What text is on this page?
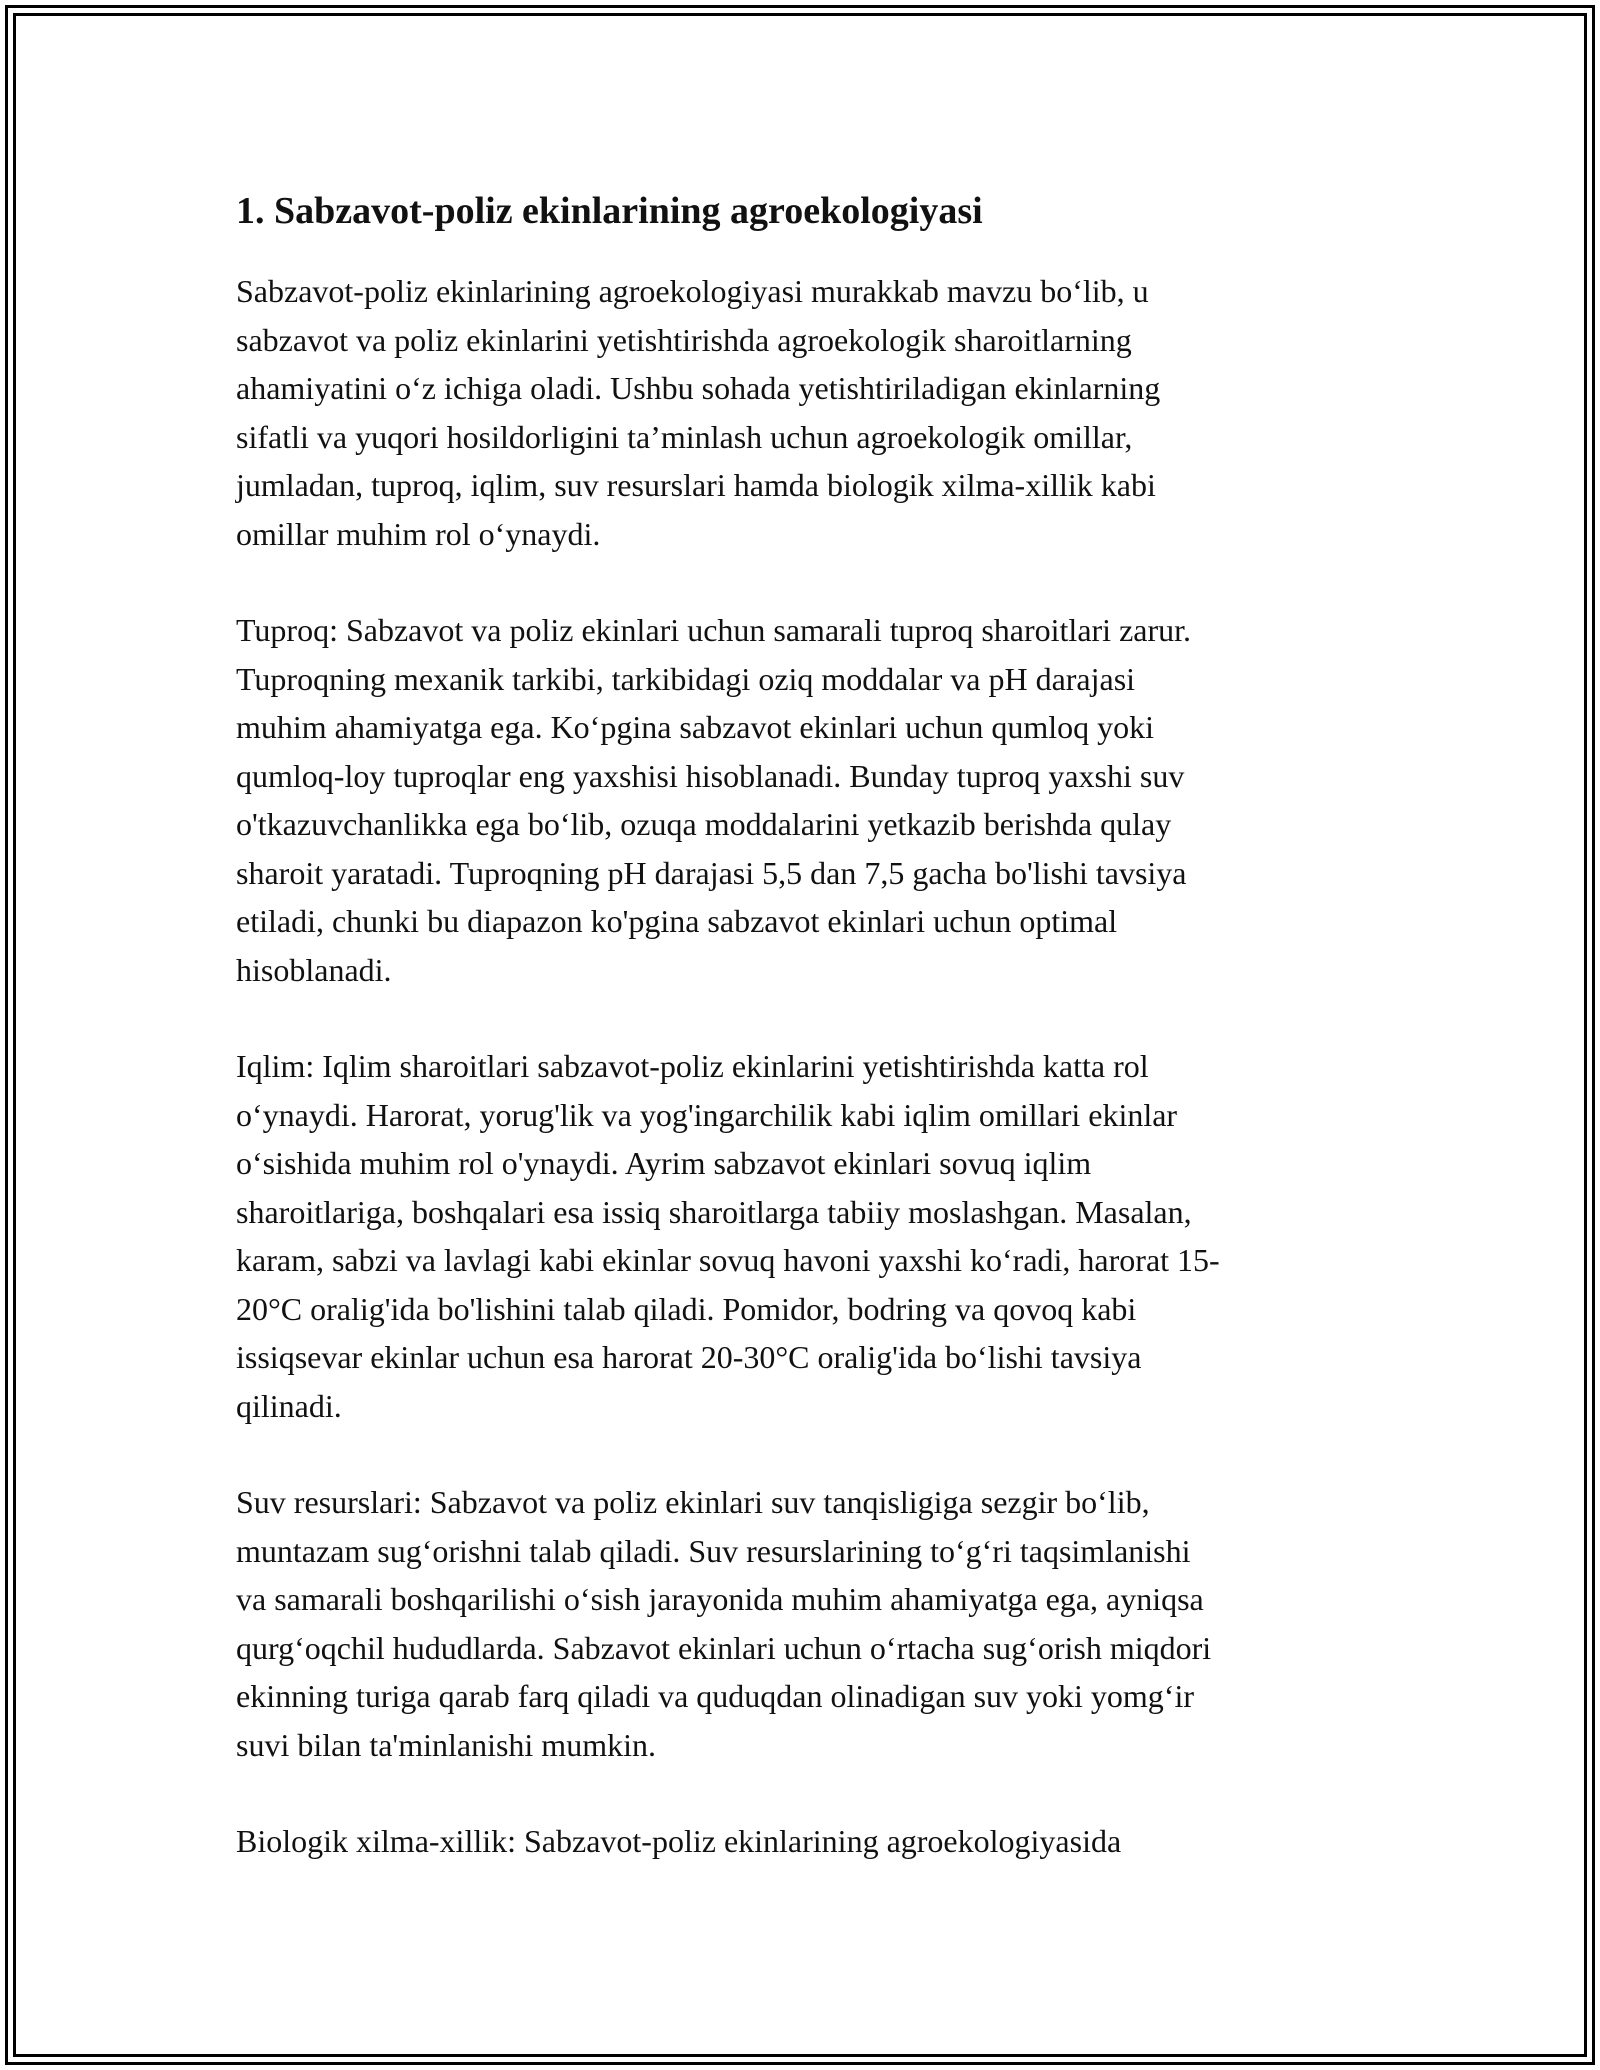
1. Sabzavot-poliz ekinlarining agroekologiyasi

Sabzavot-poliz ekinlarining agroekologiyasi murakkab mavzu bo‘lib, u
sabzavot va poliz ekinlarini yetishtirishda agroekologik sharoitlarning
ahamiyatini o‘z ichiga oladi. Ushbu sohada yetishtiriladigan ekinlarning
sifatli va yuqori hosildorligini ta’minlash uchun agroekologik omillar,
jumladan, tuproq, iqlim, suv resurslari hamda biologik xilma-xillik kabi
omillar muhim rol o‘ynaydi.

Tuproq: Sabzavot va poliz ekinlari uchun samarali tuproq sharoitlari zarur.
Tuproqning mexanik tarkibi, tarkibidagi oziq moddalar va pH darajasi
muhim ahamiyatga ega. Ko‘pgina sabzavot ekinlari uchun qumloq yoki
qumloq-loy tuproqlar eng yaxshisi hisoblanadi. Bunday tuproq yaxshi suv
o'tkazuvchanlikka ega bo‘lib, ozuqa moddalarini yetkazib berishda qulay
sharoit yaratadi. Tuproqning pH darajasi 5,5 dan 7,5 gacha bo'lishi tavsiya
etiladi, chunki bu diapazon ko'pgina sabzavot ekinlari uchun optimal
hisoblanadi.

Iqlim: Iqlim sharoitlari sabzavot-poliz ekinlarini yetishtirishda katta rol
o‘ynaydi. Harorat, yorug'lik va yog'ingarchilik kabi iqlim omillari ekinlar
o‘sishida muhim rol o'ynaydi. Ayrim sabzavot ekinlari sovuq iqlim
sharoitlariga, boshqalari esa issiq sharoitlarga tabiiy moslashgan. Masalan,
karam, sabzi va lavlagi kabi ekinlar sovuq havoni yaxshi ko‘radi, harorat 15-
20°C oralig'ida bo'lishini talab qiladi. Pomidor, bodring va qovoq kabi
issiqsevar ekinlar uchun esa harorat 20-30°C oralig'ida bo‘lishi tavsiya
qilinadi.

Suv resurslari: Sabzavot va poliz ekinlari suv tanqisligiga sezgir bo‘lib,
muntazam sug‘orishni talab qiladi. Suv resurslarining to‘g‘ri taqsimlanishi
va samarali boshqarilishi o‘sish jarayonida muhim ahamiyatga ega, ayniqsa
qurg‘oqchil hududlarda. Sabzavot ekinlari uchun o‘rtacha sug‘orish miqdori
ekinning turiga qarab farq qiladi va quduqdan olinadigan suv yoki yomg‘ir
suvi bilan ta'minlanishi mumkin.

Biologik xilma-xillik: Sabzavot-poliz ekinlarining agroekologiyasida
